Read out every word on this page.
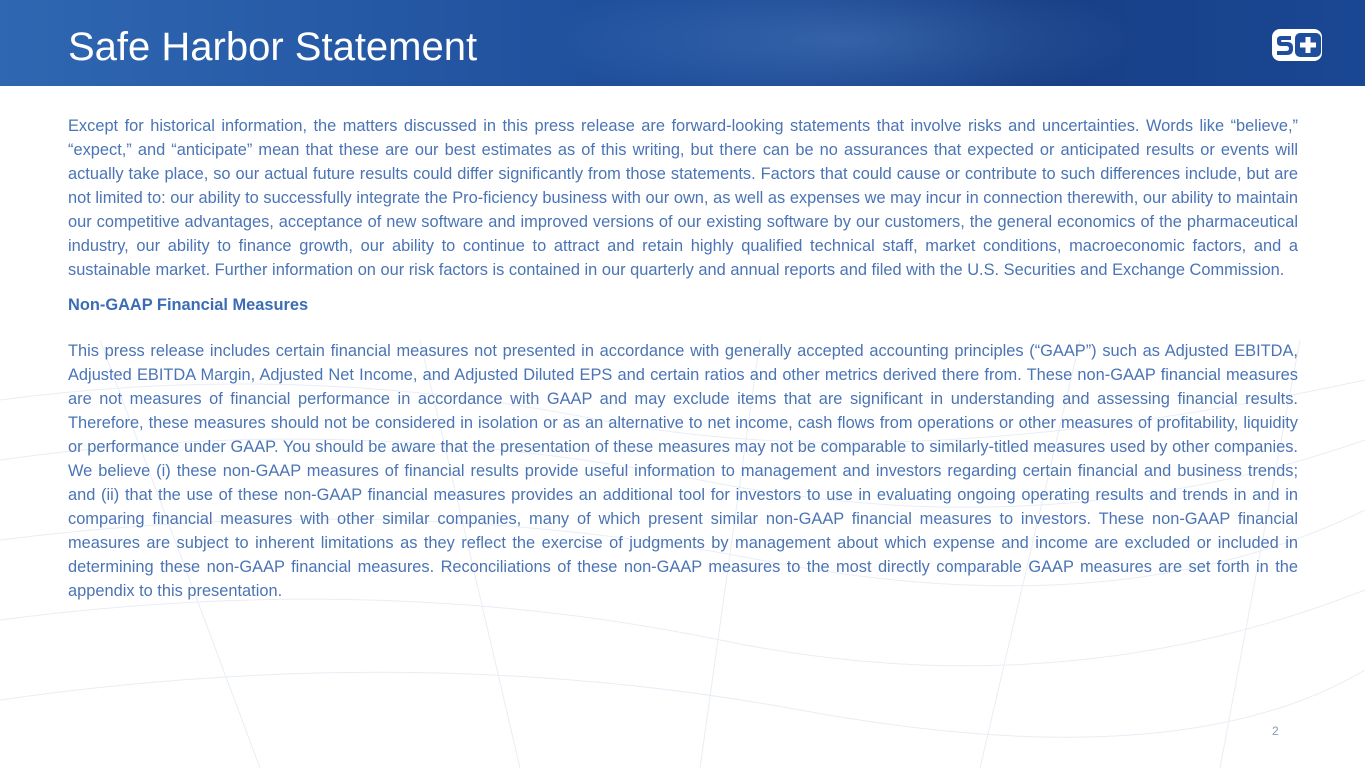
Safe Harbor Statement

Except for historical information, the matters discussed in this press release are forward-looking statements that involve risks and uncertainties. Words like “believe,” “expect,” and “anticipate” mean that these are our best estimates as of this writing, but there can be no assurances that expected or anticipated results or events will actually take place, so our actual future results could differ significantly from those statements. Factors that could cause or contribute to such differences include, but are not limited to: our ability to successfully integrate the Pro-ficiency business with our own, as well as expenses we may incur in connection therewith, our ability to maintain our competitive advantages, acceptance of new software and improved versions of our existing software by our customers, the general economics of the pharmaceutical industry, our ability to finance growth, our ability to continue to attract and retain highly qualified technical staff, market conditions, macroeconomic factors, and a sustainable market. Further information on our risk factors is contained in our quarterly and annual reports and filed with the U.S. Securities and Exchange Commission.

Non-GAAP Financial Measures

This press release includes certain financial measures not presented in accordance with generally accepted accounting principles (“GAAP”) such as Adjusted EBITDA, Adjusted EBITDA Margin, Adjusted Net Income, and Adjusted Diluted EPS and certain ratios and other metrics derived there from. These non-GAAP financial measures are not measures of financial performance in accordance with GAAP and may exclude items that are significant in understanding and assessing financial results. Therefore, these measures should not be considered in isolation or as an alternative to net income, cash flows from operations or other measures of profitability, liquidity or performance under GAAP. You should be aware that the presentation of these measures may not be comparable to similarly-titled measures used by other companies. We believe (i) these non-GAAP measures of financial results provide useful information to management and investors regarding certain financial and business trends; and (ii) that the use of these non-GAAP financial measures provides an additional tool for investors to use in evaluating ongoing operating results and trends in and in comparing financial measures with other similar companies, many of which present similar non-GAAP financial measures to investors. These non-GAAP financial measures are subject to inherent limitations as they reflect the exercise of judgments by management about which expense and income are excluded or included in determining these non-GAAP financial measures. Reconciliations of these non-GAAP measures to the most directly comparable GAAP measures are set forth in the appendix to this presentation.

2
